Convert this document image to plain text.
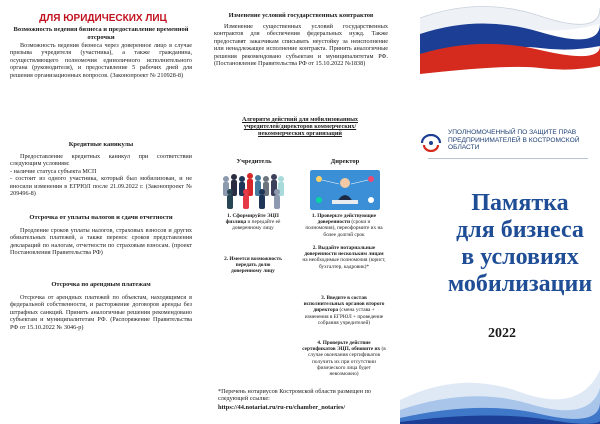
ДЛЯ ЮРИДИЧЕСКИХ ЛИЦ
Возможность ведения бизнеса и предоставление временной отсрочки
Возможность ведения бизнеса через доверенное лицо в случае призыва учредителя (участника), а также гражданина, осуществляющего полномочия единоличного исполнительного органа (руководителя), и предоставление 5 рабочих дней для решения организационных вопросов. (Законопроект № 210928-8)
Кредитные каникулы
Предоставление кредитных каникул при соответствии следующим условиям:
- наличие статуса субъекта МСП
- состоит из одного участника, который был мобилизован, и не вносили изменения в ЕГРЮЛ после 21.09.2022 г. (Законопроект № 209496-8)
Отсрочка от уплаты налогов и сдачи отчетности
Продление сроков уплаты налогов, страховых взносов и других обязательных платежей, а также перенос сроков представления деклараций по налогам, отчетности по страховым взносам. (проект Постановления Правительства РФ)
Отсрочка по арендным платежам
Отсрочка от арендных платежей по объектам, находящимся в федеральной собственности, и расторжение договоров аренды без штрафных санкций. Принять аналогичные решения рекомендовано субъектам и муниципалитетам РФ. (Распоряжение Правительства РФ от 15.10.2022 № 3046-р)
Изменение условий государственных контрактов
Изменение существенных условий государственных контрактов для обеспечения федеральных нужд. Также предоставят заказчикам списывать неустойку за неисполнение или ненадлежащее исполнение контракта. Принять аналогичные решения рекомендовано субъектам и муниципалитетам РФ.(Постановление Правительства РФ от 15.10.2022 №1838)
Алгоритм действий для мобилизованных учредителей/директоров коммерческих/некоммерческих организаций
Учредитель	Директор
1. Сформируйте ЭЦП физлица и передайте её доверенному лицу
2. Имеется возможность передать долю доверенному лицу
1. Проверьте действующие доверенности (сроки и полномочия), переоформите их на более долгий срок
2. Выдайте нотариальные доверенности нескольким лицам на необходимые полномочия (юрист, бухгалтер, кадровик)*
3. Введите в состав исполнительных органов второго директора (смена устава + изменения в ЕГРЮЛ + проведение собрания учредителей)
4. Проверьте действие сертификатов ЭЦП, обновите их (в случае окончания сертификатов получить их при отсутствии физического лица будет невозможно)
*Перечень нотариусов Костромской области размещен по следующей ссылке:
https://44.notariat.ru/ru-ru/chamber_notaries/
УПОЛНОМОЧЕННЫЙ ПО ЗАЩИТЕ ПРАВ ПРЕДПРИНИМАТЕЛЕЙ В КОСТРОМСКОЙ ОБЛАСТИ
Памятка
для бизнеса
в условиях
мобилизации
2022
